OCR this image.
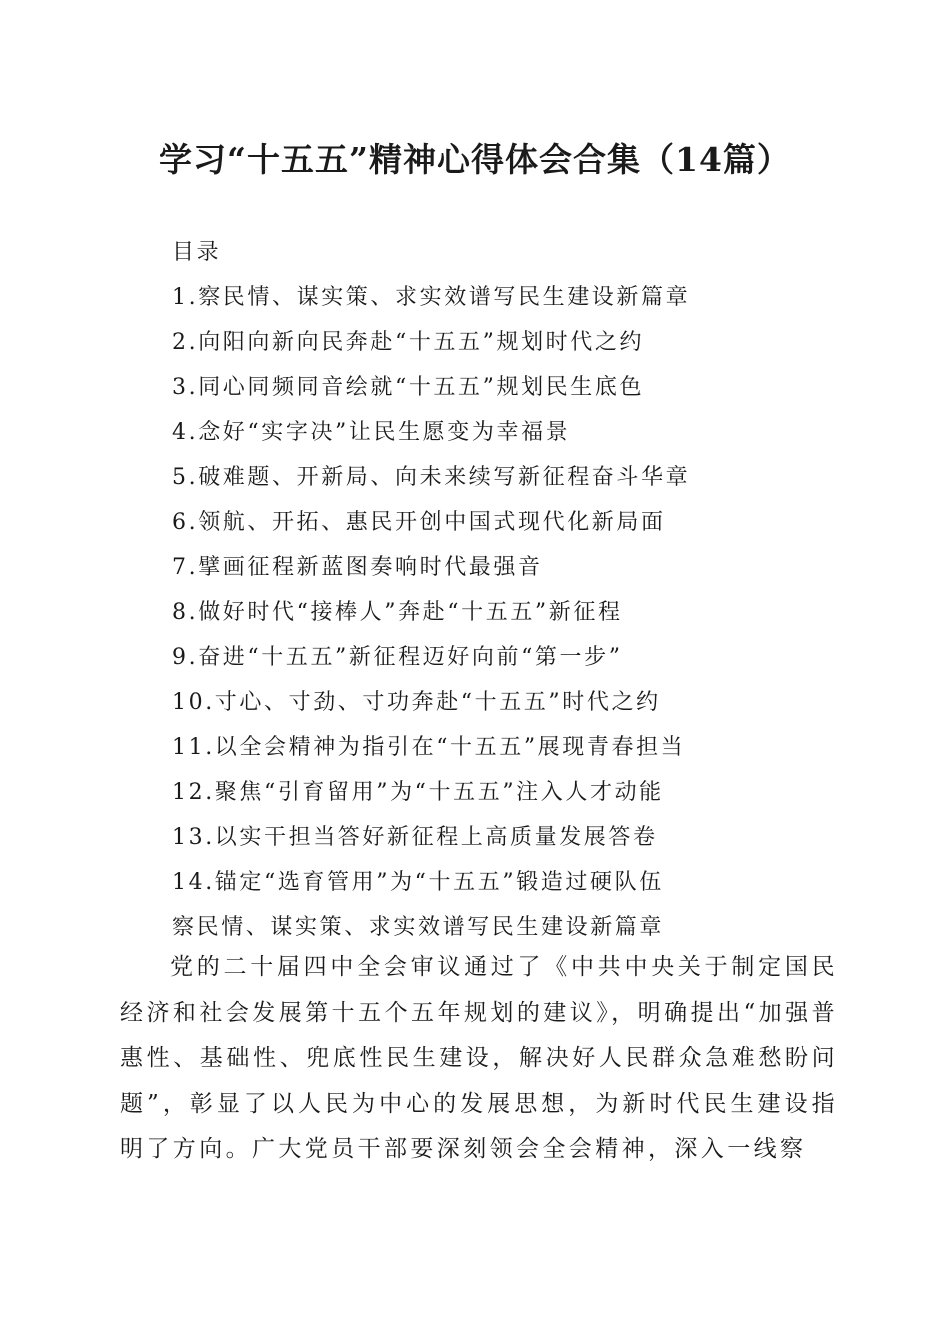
学习“十五五”精神心得体会合集（14篇）
目录
1.察民情、谋实策、求实效谱写民生建设新篇章
2.向阳向新向民奔赴“十五五”规划时代之约
3.同心同频同音绘就“十五五”规划民生底色
4.念好“实字决”让民生愿变为幸福景
5.破难题、开新局、向未来续写新征程奋斗华章
6.领航、开拓、惠民开创中国式现代化新局面
7.擘画征程新蓝图奏响时代最强音
8.做好时代“接棒人”奔赴“十五五”新征程
9.奋进“十五五”新征程迈好向前“第一步”
10.寸心、寸劲、寸功奔赴“十五五”时代之约
11.以全会精神为指引在“十五五”展现青春担当
12.聚焦“引育留用”为“十五五”注入人才动能
13.以实干担当答好新征程上高质量发展答卷
14.锚定“选育管用”为“十五五”锻造过硬队伍
察民情、谋实策、求实效谱写民生建设新篇章

党的二十届四中全会审议通过了《中共中央关于制定国民经济和社会发展第十五个五年规划的建议》，明确提出“加强普惠性、基础性、兜底性民生建设，解决好人民群众急难愁盼问题”，彰显了以人民为中心的发展思想，为新时代民生建设指明了方向。广大党员干部要深刻领会全会精神，深入一线察
